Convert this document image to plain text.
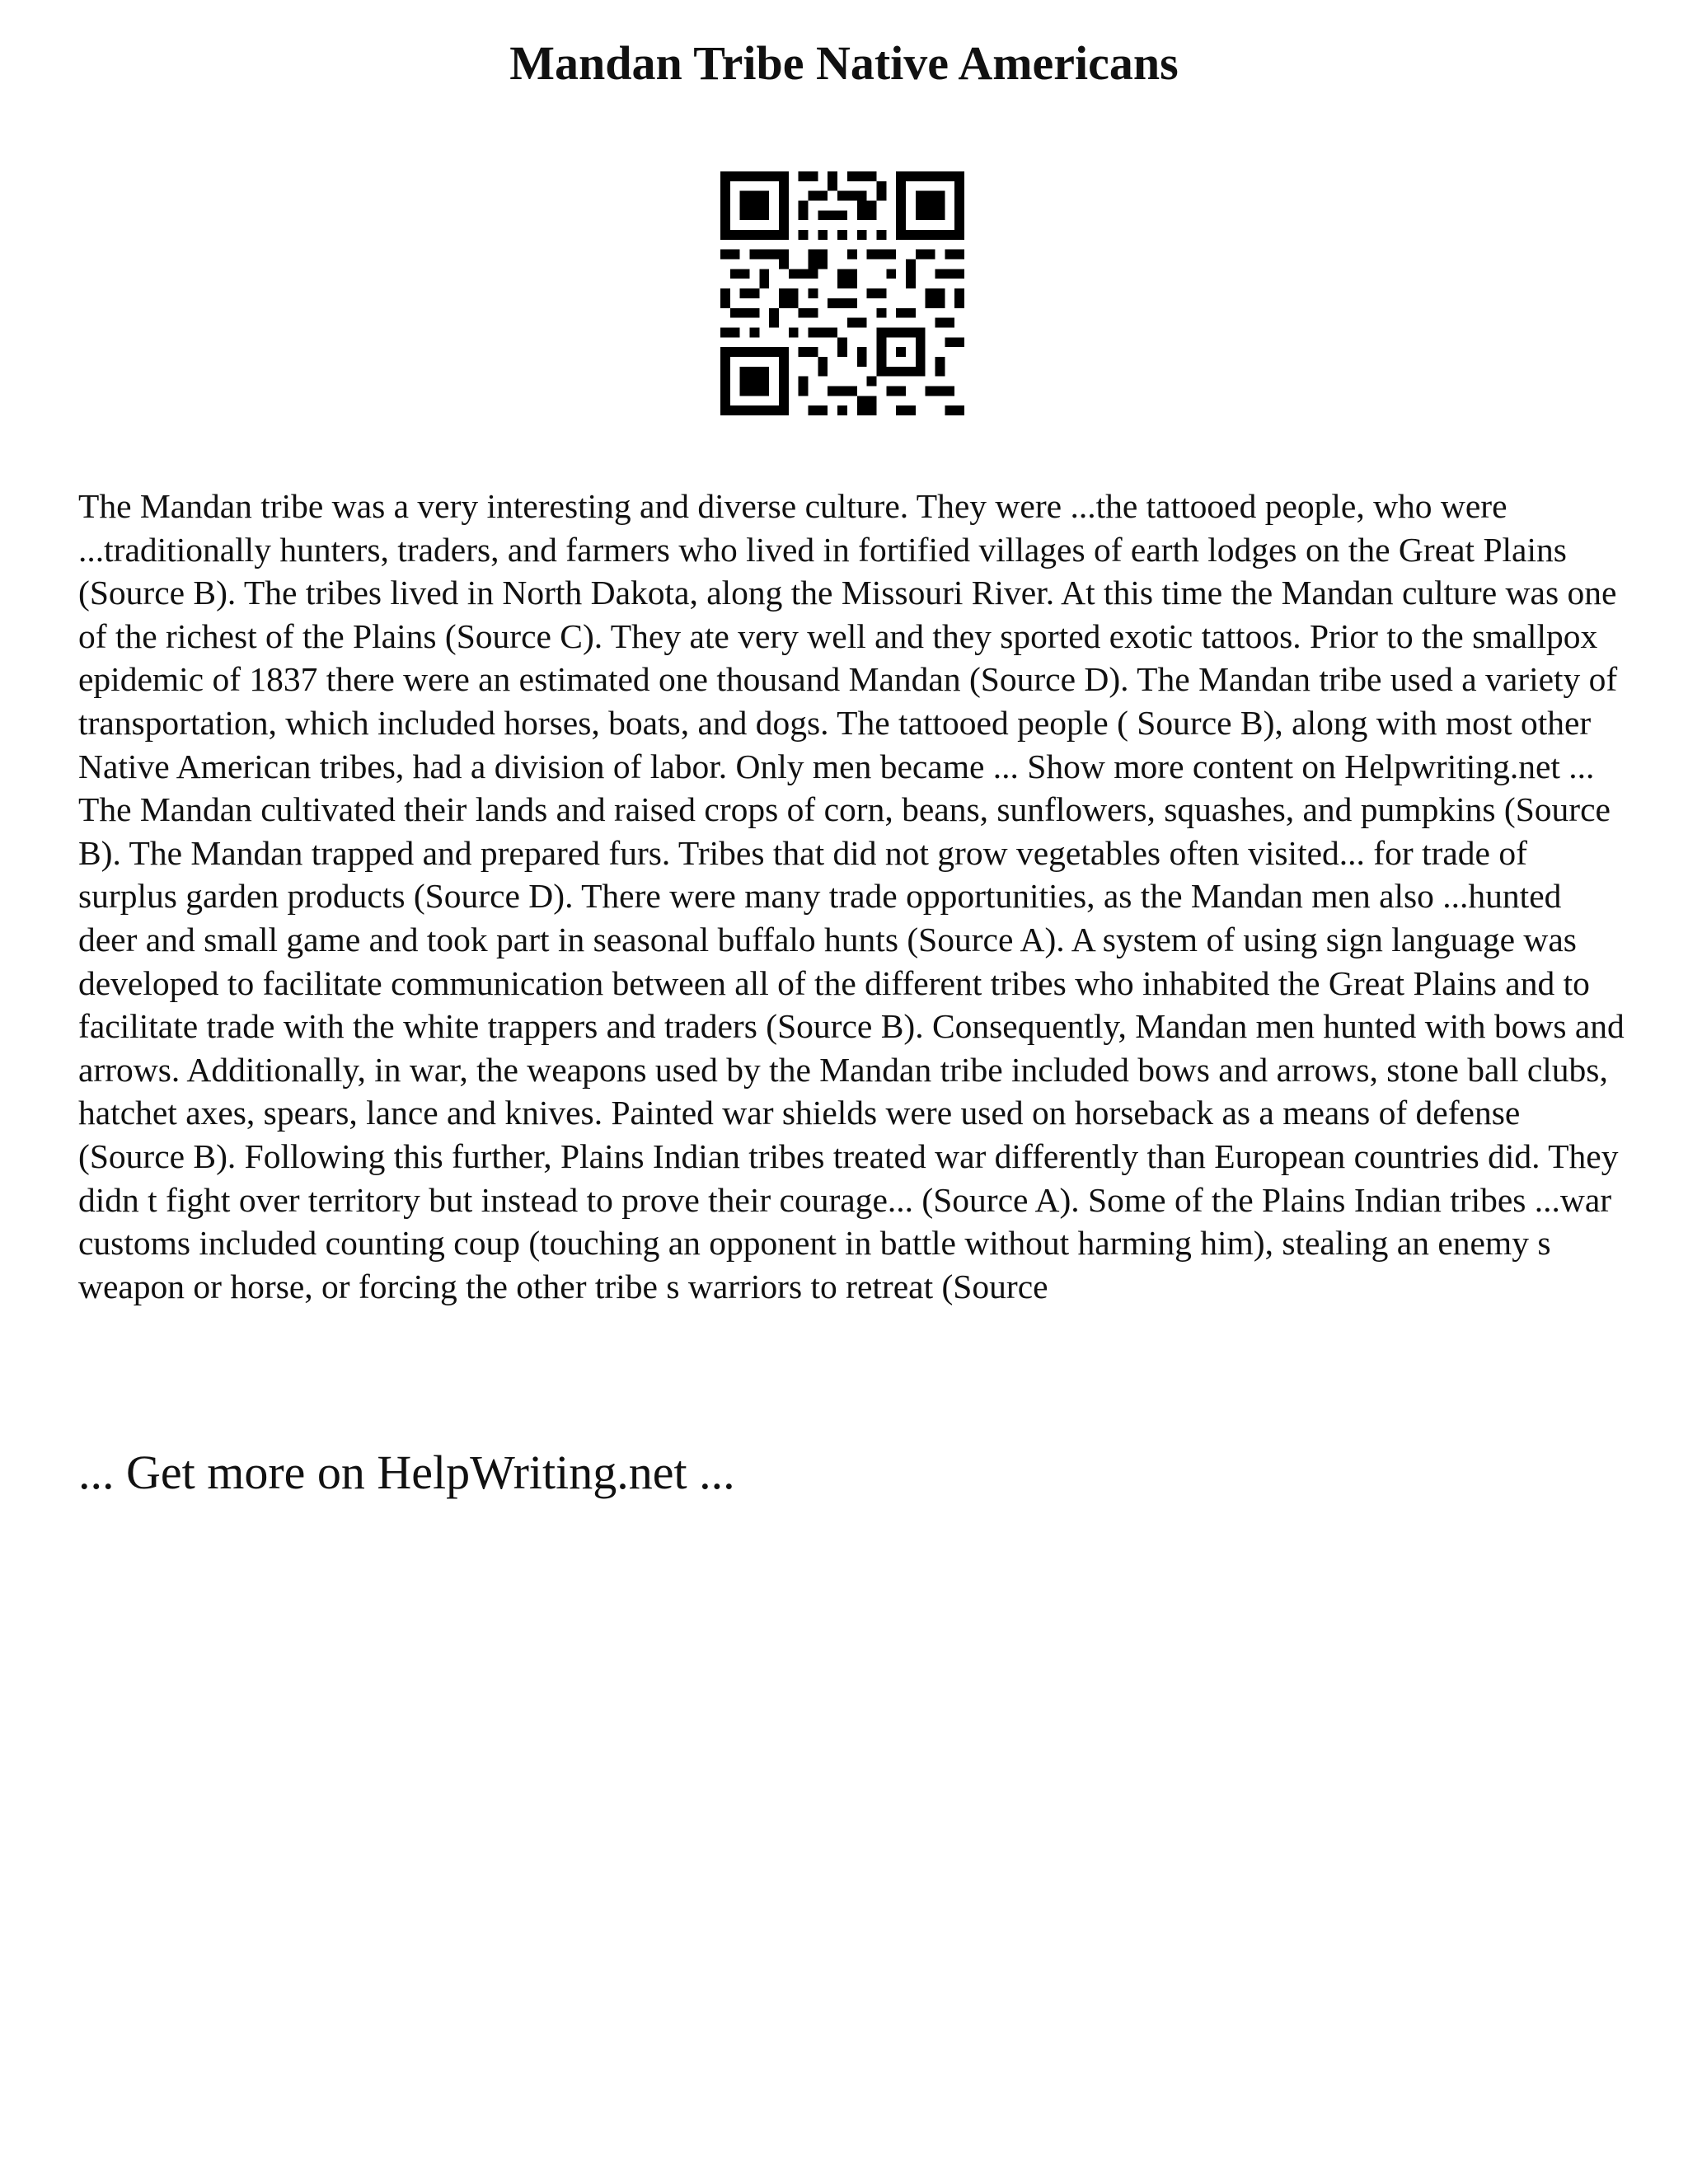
Mandan Tribe Native Americans

The Mandan tribe was a very interesting and diverse culture. They were ...the tattooed people, who were ...traditionally hunters, traders, and farmers who lived in fortified villages of earth lodges on the Great Plains (Source B). The tribes lived in North Dakota, along the Missouri River. At this time the Mandan culture was one of the richest of the Plains (Source C). They ate very well and they sported exotic tattoos. Prior to the smallpox epidemic of 1837 there were an estimated one thousand Mandan (Source D). The Mandan tribe used a variety of transportation, which included horses, boats, and dogs. The tattooed people ( Source B), along with most other Native American tribes, had a division of labor. Only men became ... Show more content on Helpwriting.net ...

The Mandan cultivated their lands and raised crops of corn, beans, sunflowers, squashes, and pumpkins (Source B). The Mandan trapped and prepared furs. Tribes that did not grow vegetables often visited... for trade of surplus garden products (Source D). There were many trade opportunities, as the Mandan men also ...hunted deer and small game and took part in seasonal buffalo hunts (Source A). A system of using sign language was developed to facilitate communication between all of the different tribes who inhabited the Great Plains and to facilitate trade with the white trappers and traders (Source B). Consequently, Mandan men hunted with bows and arrows. Additionally, in war, the weapons used by the Mandan tribe included bows and arrows, stone ball clubs, hatchet axes, spears, lance and knives. Painted war shields were used on horseback as a means of defense (Source B). Following this further, Plains Indian tribes treated war differently than European countries did. They didn t fight over territory but instead to prove their courage... (Source A). Some of the Plains Indian tribes ...war customs included counting coup (touching an opponent in battle without harming him), stealing an enemy s weapon or horse, or forcing the other tribe s warriors to retreat (Source

... Get more on HelpWriting.net ...
